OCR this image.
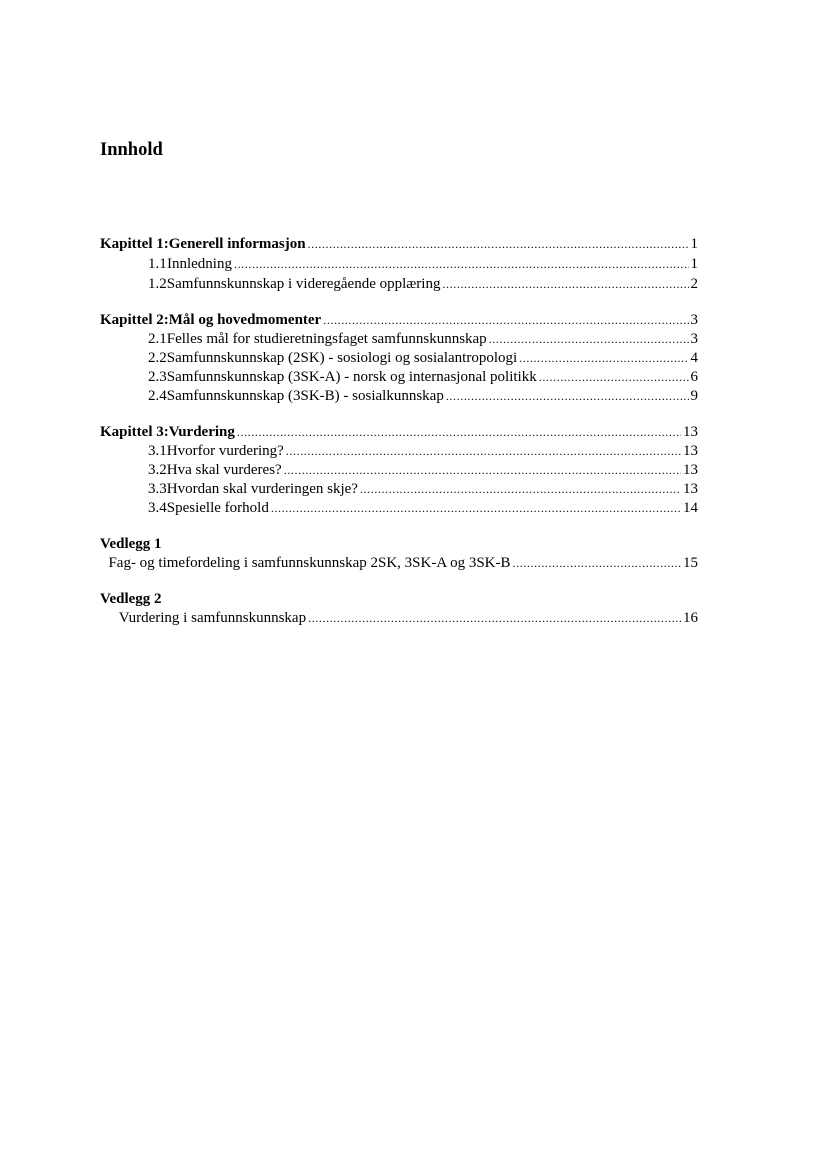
Innhold
Kapittel 1: Generell informasjon .....	1
1.1 Innledning .....	1
1.2 Samfunnskunnskap i videregående opplæring .....	2
Kapittel 2: Mål og hovedmomenter .....	3
2.1 Felles mål for studieretningsfaget samfunnskunnskap .....	3
2.2 Samfunnskunnskap (2SK) - sosiologi og sosialantropologi .....	4
2.3 Samfunnskunnskap (3SK-A) - norsk og internasjonal politikk .....	6
2.4 Samfunnskunnskap (3SK-B) - sosialkunnskap .....	9
Kapittel 3: Vurdering .....	13
3.1 Hvorfor vurdering? .....	13
3.2 Hva skal vurderes? .....	13
3.3 Hvordan skal vurderingen skje? .....	13
3.4 Spesielle forhold .....	14
Vedlegg 1
Fag- og timefordeling i samfunnskunnskap 2SK, 3SK-A og 3SK-B .....	15
Vedlegg 2
Vurdering i samfunnskunnskap .....	16
